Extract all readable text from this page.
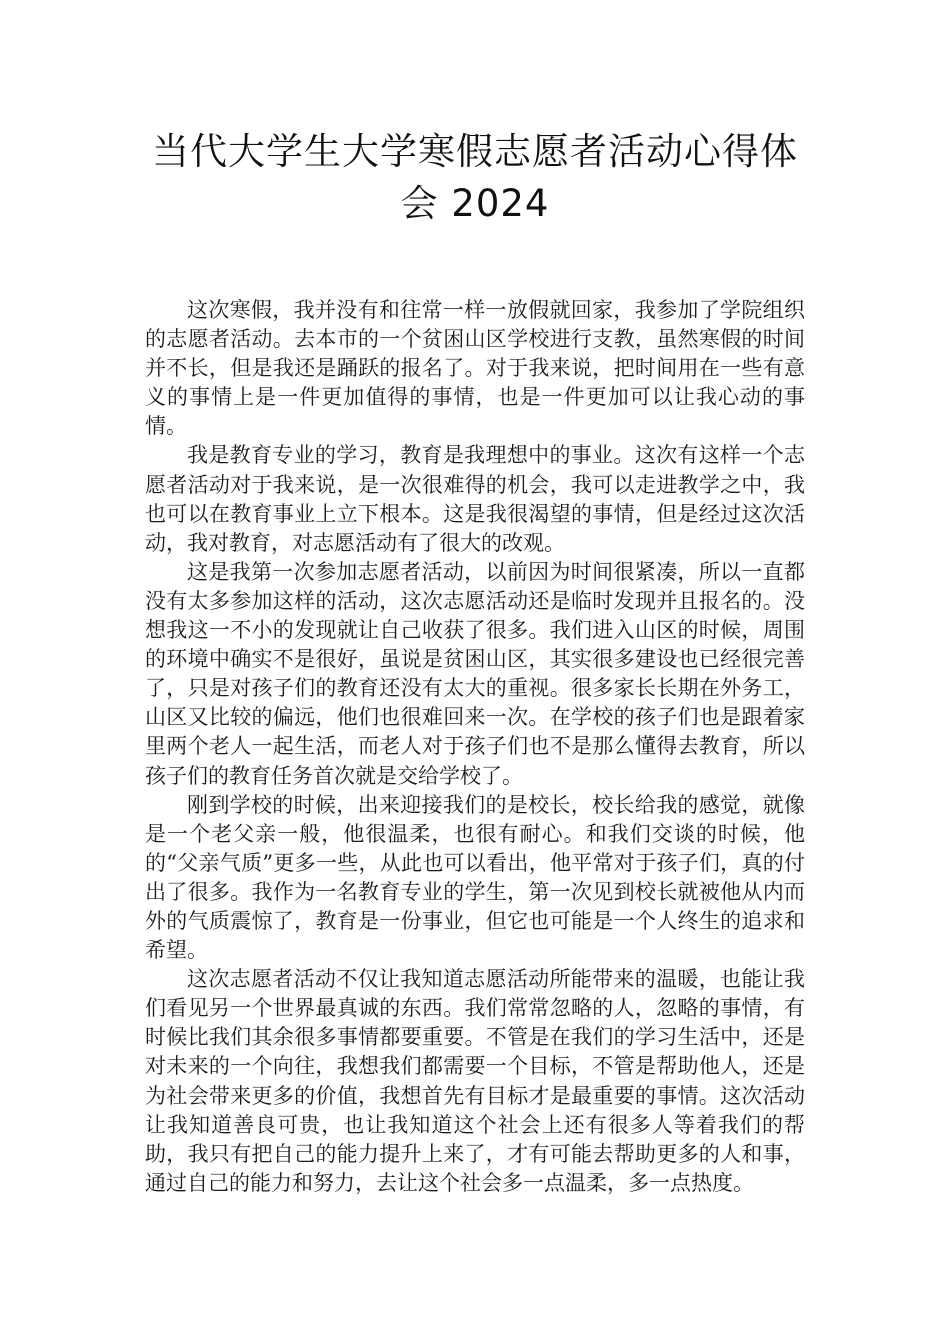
当代大学生大学寒假志愿者活动心得体会 2024

这次寒假，我并没有和往常一样一放假就回家，我参加了学院组织的志愿者活动。去本市的一个贫困山区学校进行支教，虽然寒假的时间并不长，但是我还是踊跃的报名了。对于我来说，把时间用在一些有意义的事情上是一件更加值得的事情，也是一件更加可以让我心动的事情。

我是教育专业的学习，教育是我理想中的事业。这次有这样一个志愿者活动对于我来说，是一次很难得的机会，我可以走进教学之中，我也可以在教育事业上立下根本。这是我很渴望的事情，但是经过这次活动，我对教育，对志愿活动有了很大的改观。

这是我第一次参加志愿者活动，以前因为时间很紧凑，所以一直都没有太多参加这样的活动，这次志愿活动还是临时发现并且报名的。没想我这一不小的发现就让自己收获了很多。我们进入山区的时候，周围的环境中确实不是很好，虽说是贫困山区，其实很多建设也已经很完善了，只是对孩子们的教育还没有太大的重视。很多家长长期在外务工，山区又比较的偏远，他们也很难回来一次。在学校的孩子们也是跟着家里两个老人一起生活，而老人对于孩子们也不是那么懂得去教育，所以孩子们的教育任务首次就是交给学校了。

刚到学校的时候，出来迎接我们的是校长，校长给我的感觉，就像是一个老父亲一般，他很温柔，也很有耐心。和我们交谈的时候，他的“父亲气质”更多一些，从此也可以看出，他平常对于孩子们，真的付出了很多。我作为一名教育专业的学生，第一次见到校长就被他从内而外的气质震惊了，教育是一份事业，但它也可能是一个人终生的追求和希望。

这次志愿者活动不仅让我知道志愿活动所能带来的温暖，也能让我们看见另一个世界最真诚的东西。我们常常忽略的人，忽略的事情，有时候比我们其余很多事情都要重要。不管是在我们的学习生活中，还是对未来的一个向往，我想我们都需要一个目标，不管是帮助他人，还是为社会带来更多的价值，我想首先有目标才是最重要的事情。这次活动让我知道善良可贵，也让我知道这个社会上还有很多人等着我们的帮助，我只有把自己的能力提升上来了，才有可能去帮助更多的人和事，通过自己的能力和努力，去让这个社会多一点温柔，多一点热度。
